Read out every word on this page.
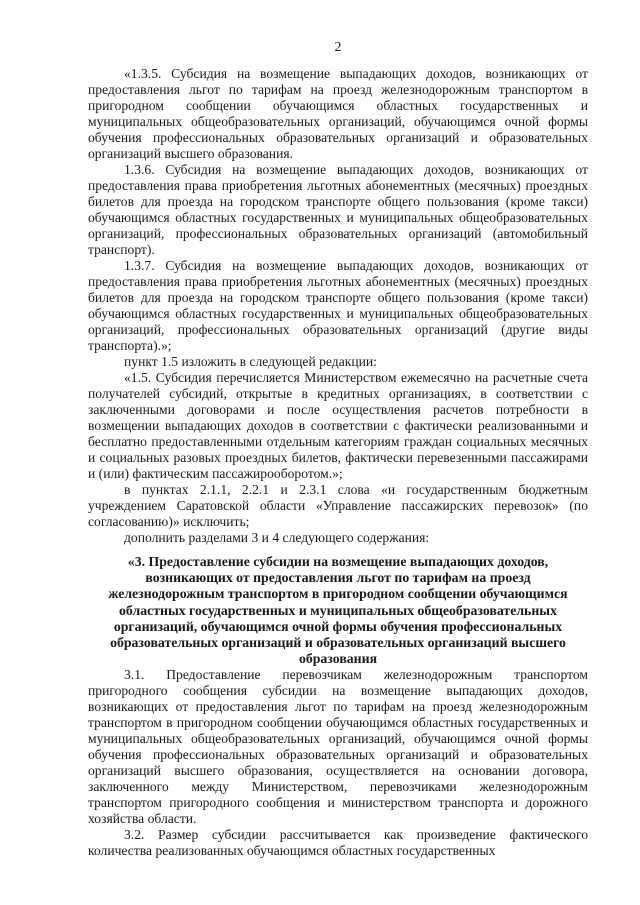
2

«1.3.5. Субсидия на возмещение выпадающих доходов, возникающих от предоставления льгот по тарифам на проезд железнодорожным транспортом в пригородном сообщении обучающимся областных государственных и муниципальных общеобразовательных организаций, обучающимся очной формы обучения профессиональных образовательных организаций и образовательных организаций высшего образования.

1.3.6. Субсидия на возмещение выпадающих доходов, возникающих от предоставления права приобретения льготных абонементных (месячных) проездных билетов для проезда на городском транспорте общего пользования (кроме такси) обучающимся областных государственных и муниципальных общеобразовательных организаций, профессиональных образовательных организаций (автомобильный транспорт).

1.3.7. Субсидия на возмещение выпадающих доходов, возникающих от предоставления права приобретения льготных абонементных (месячных) проездных билетов для проезда на городском транспорте общего пользования (кроме такси) обучающимся областных государственных и муниципальных общеобразовательных организаций, профессиональных образовательных организаций (другие виды транспорта).»;

пункт 1.5 изложить в следующей редакции:

«1.5. Субсидия перечисляется Министерством ежемесячно на расчетные счета получателей субсидий, открытые в кредитных организациях, в соответствии с заключенными договорами и после осуществления расчетов потребности в возмещении выпадающих доходов в соответствии с фактически реализованными и бесплатно предоставленными отдельным категориям граждан социальных месячных и социальных разовых проездных билетов, фактически перевезенными пассажирами и (или) фактическим пассажирооборотом.»;

в пунктах 2.1.1, 2.2.1 и 2.3.1 слова «и государственным бюджетным учреждением Саратовской области «Управление пассажирских перевозок» (по согласованию)» исключить;

дополнить разделами 3 и 4 следующего содержания:

«3. Предоставление субсидии на возмещение выпадающих доходов, возникающих от предоставления льгот по тарифам на проезд железнодорожным транспортом в пригородном сообщении обучающимся областных государственных и муниципальных общеобразовательных организаций, обучающимся очной формы обучения профессиональных образовательных организаций и образовательных организаций высшего образования

3.1. Предоставление перевозчикам железнодорожным транспортом пригородного сообщения субсидии на возмещение выпадающих доходов, возникающих от предоставления льгот по тарифам на проезд железнодорожным транспортом в пригородном сообщении обучающимся областных государственных и муниципальных общеобразовательных организаций, обучающимся очной формы обучения профессиональных образовательных организаций и образовательных организаций высшего образования, осуществляется на основании договора, заключенного между Министерством, перевозчиками железнодорожным транспортом пригородного сообщения и министерством транспорта и дорожного хозяйства области.

3.2. Размер субсидии рассчитывается как произведение фактического количества реализованных обучающимся областных государственных
